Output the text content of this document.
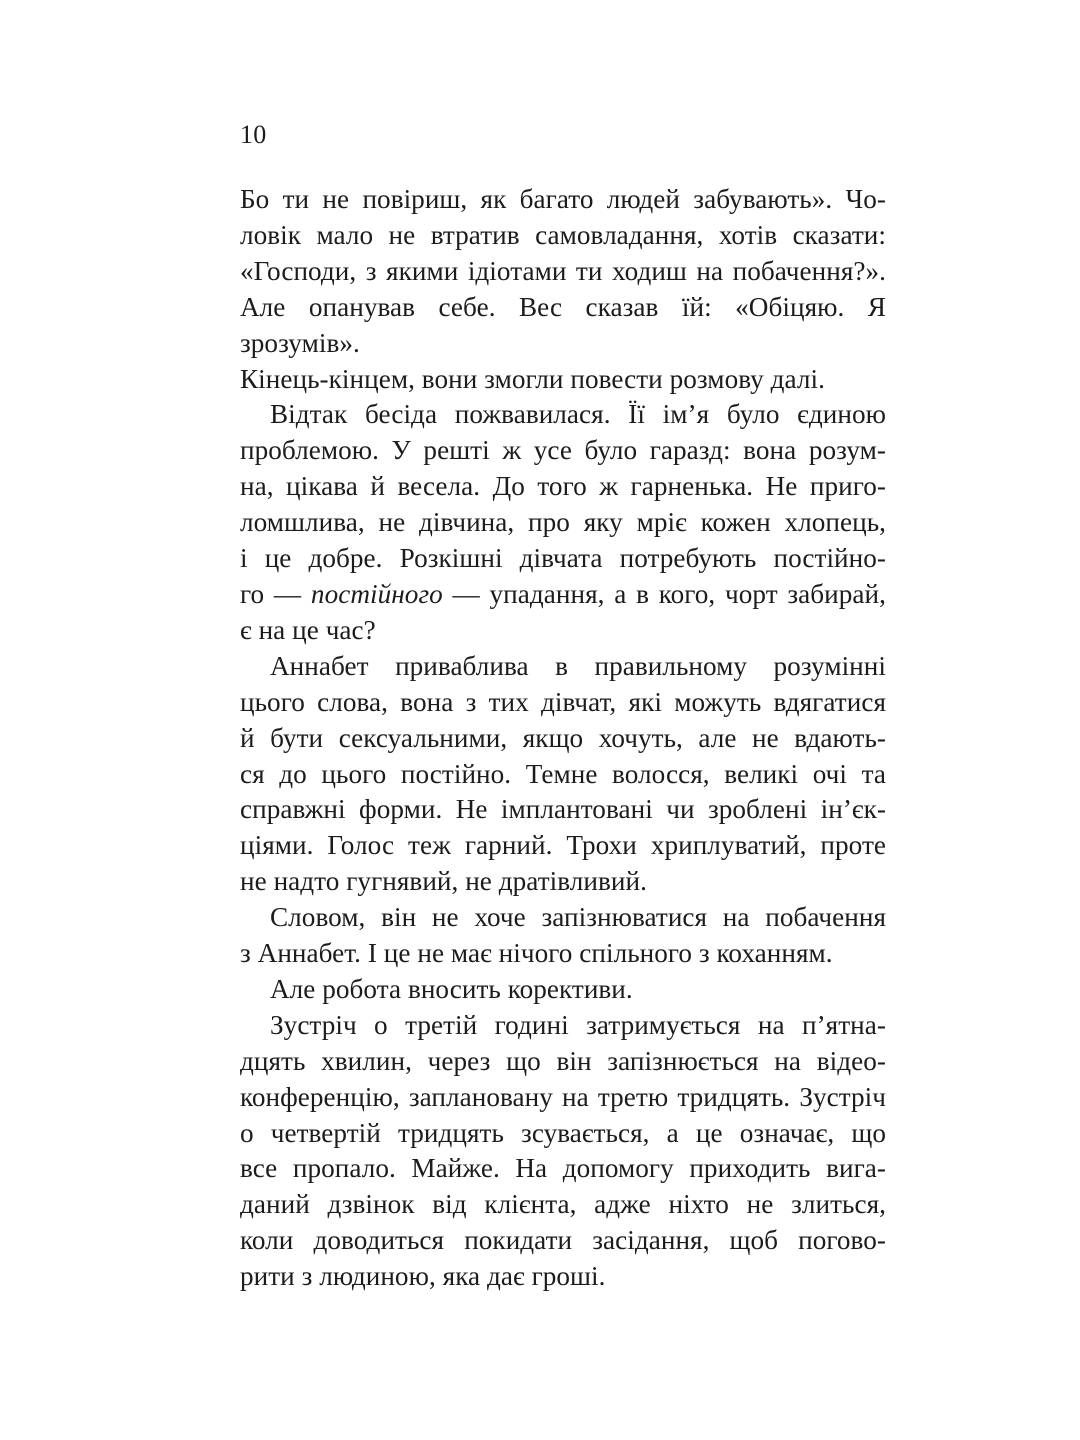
10

Бо ти не повіриш, як багато людей забувають». Чо-
ловік мало не втратив самовладання, хотів сказати:
«Господи, з якими ідіотами ти ходиш на побачення?».
Але опанував себе. Вес сказав їй: «Обіцяю. Я зрозумів».
Кінець-кінцем, вони змогли повести розмову далі.

Відтак бесіда пожвавилася. Її ім’я було єдиною
проблемою. У решті ж усе було гаразд: вона розум-
на, цікава й весела. До того ж гарненька. Не приго-
ломшлива, не дівчина, про яку мріє кожен хлопець,
і це добре. Розкішні дівчата потребують постійно-
го — постійного — упадання, а в кого, чорт забирай,
є на це час?

Аннабет приваблива в правильному розумінні
цього слова, вона з тих дівчат, які можуть вдягатися
й бути сексуальними, якщо хочуть, але не вдають-
ся до цього постійно. Темне волосся, великі очі та
справжні форми. Не імплантовані чи зроблені ін’єк-
ціями. Голос теж гарний. Трохи хриплуватий, проте
не надто гугнявий, не дратівливий.

Словом, він не хоче запізнюватися на побачення
з Аннабет. І це не має нічого спільного з коханням.

Але робота вносить корективи.

Зустріч о третій годині затримується на п’ятна-
дцять хвилин, через що він запізнюється на відео-
конференцію, заплановану на третю тридцять. Зустріч
о четвертій тридцять зсувається, а це означає, що
все пропало. Майже. На допомогу приходить вига-
даний дзвінок від клієнта, адже ніхто не злиться,
коли доводиться покидати засідання, щоб погово-
рити з людиною, яка дає гроші.
